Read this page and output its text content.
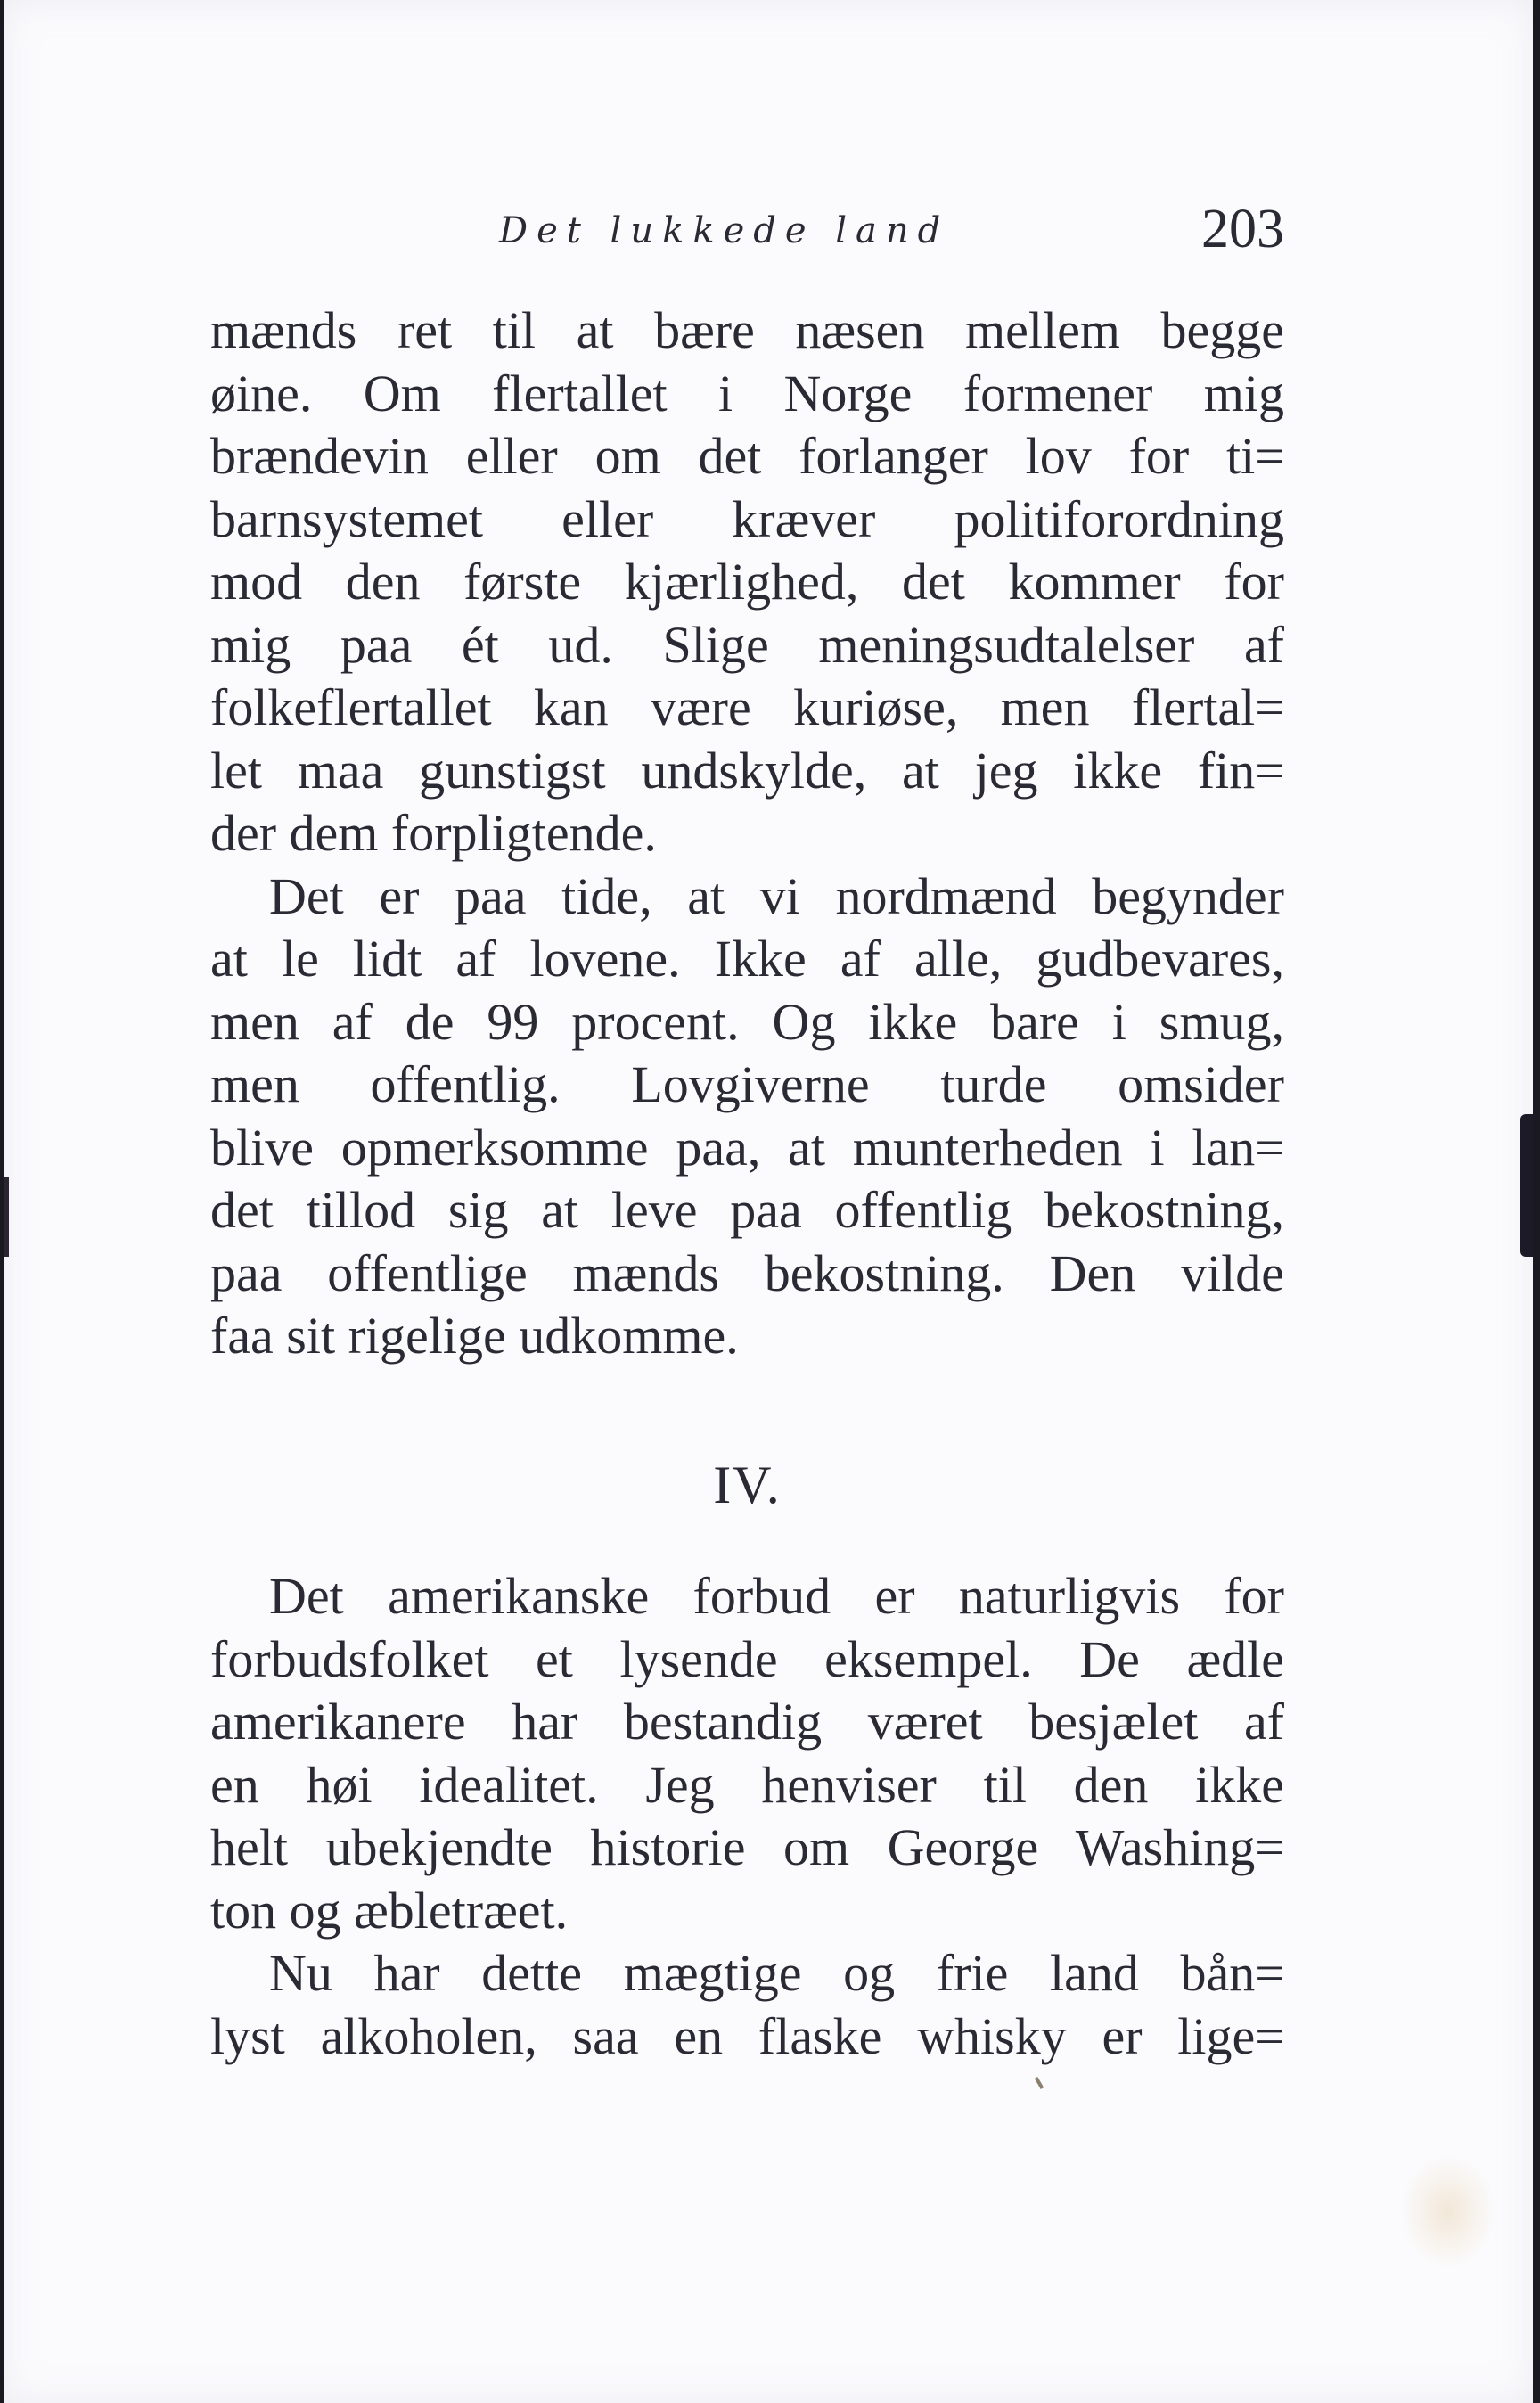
Det lukkede land	203
mænds ret til at bære næsen mellem begge
øine. Om flertallet i Norge formener mig
brændevin eller om det forlanger lov for ti=
barnsystemet eller kræver politiforordning
mod den første kjærlighed, det kommer for
mig paa ét ud. Slige meningsudtalelser af
folkeflertallet kan være kuriøse, men flertal=
let maa gunstigst undskylde, at jeg ikke fin=
der dem forpligtende.
Det er paa tide, at vi nordmænd begynder
at le lidt af lovene. Ikke af alle, gudbevares,
men af de 99 procent. Og ikke bare i smug,
men offentlig. Lovgiverne turde omsider
blive opmerksomme paa, at munterheden i lan=
det tillod sig at leve paa offentlig bekostning,
paa offentlige mænds bekostning. Den vilde
faa sit rigelige udkomme.
IV.
Det amerikanske forbud er naturligvis for
forbudsfolket et lysende eksempel. De ædle
amerikanere har bestandig været besjælet af
en høi idealitet. Jeg henviser til den ikke
helt ubekjendte historie om George Washing=
ton og æbletræet.
Nu har dette mægtige og frie land bån=
lyst alkoholen, saa en flaske whisky er lige=
